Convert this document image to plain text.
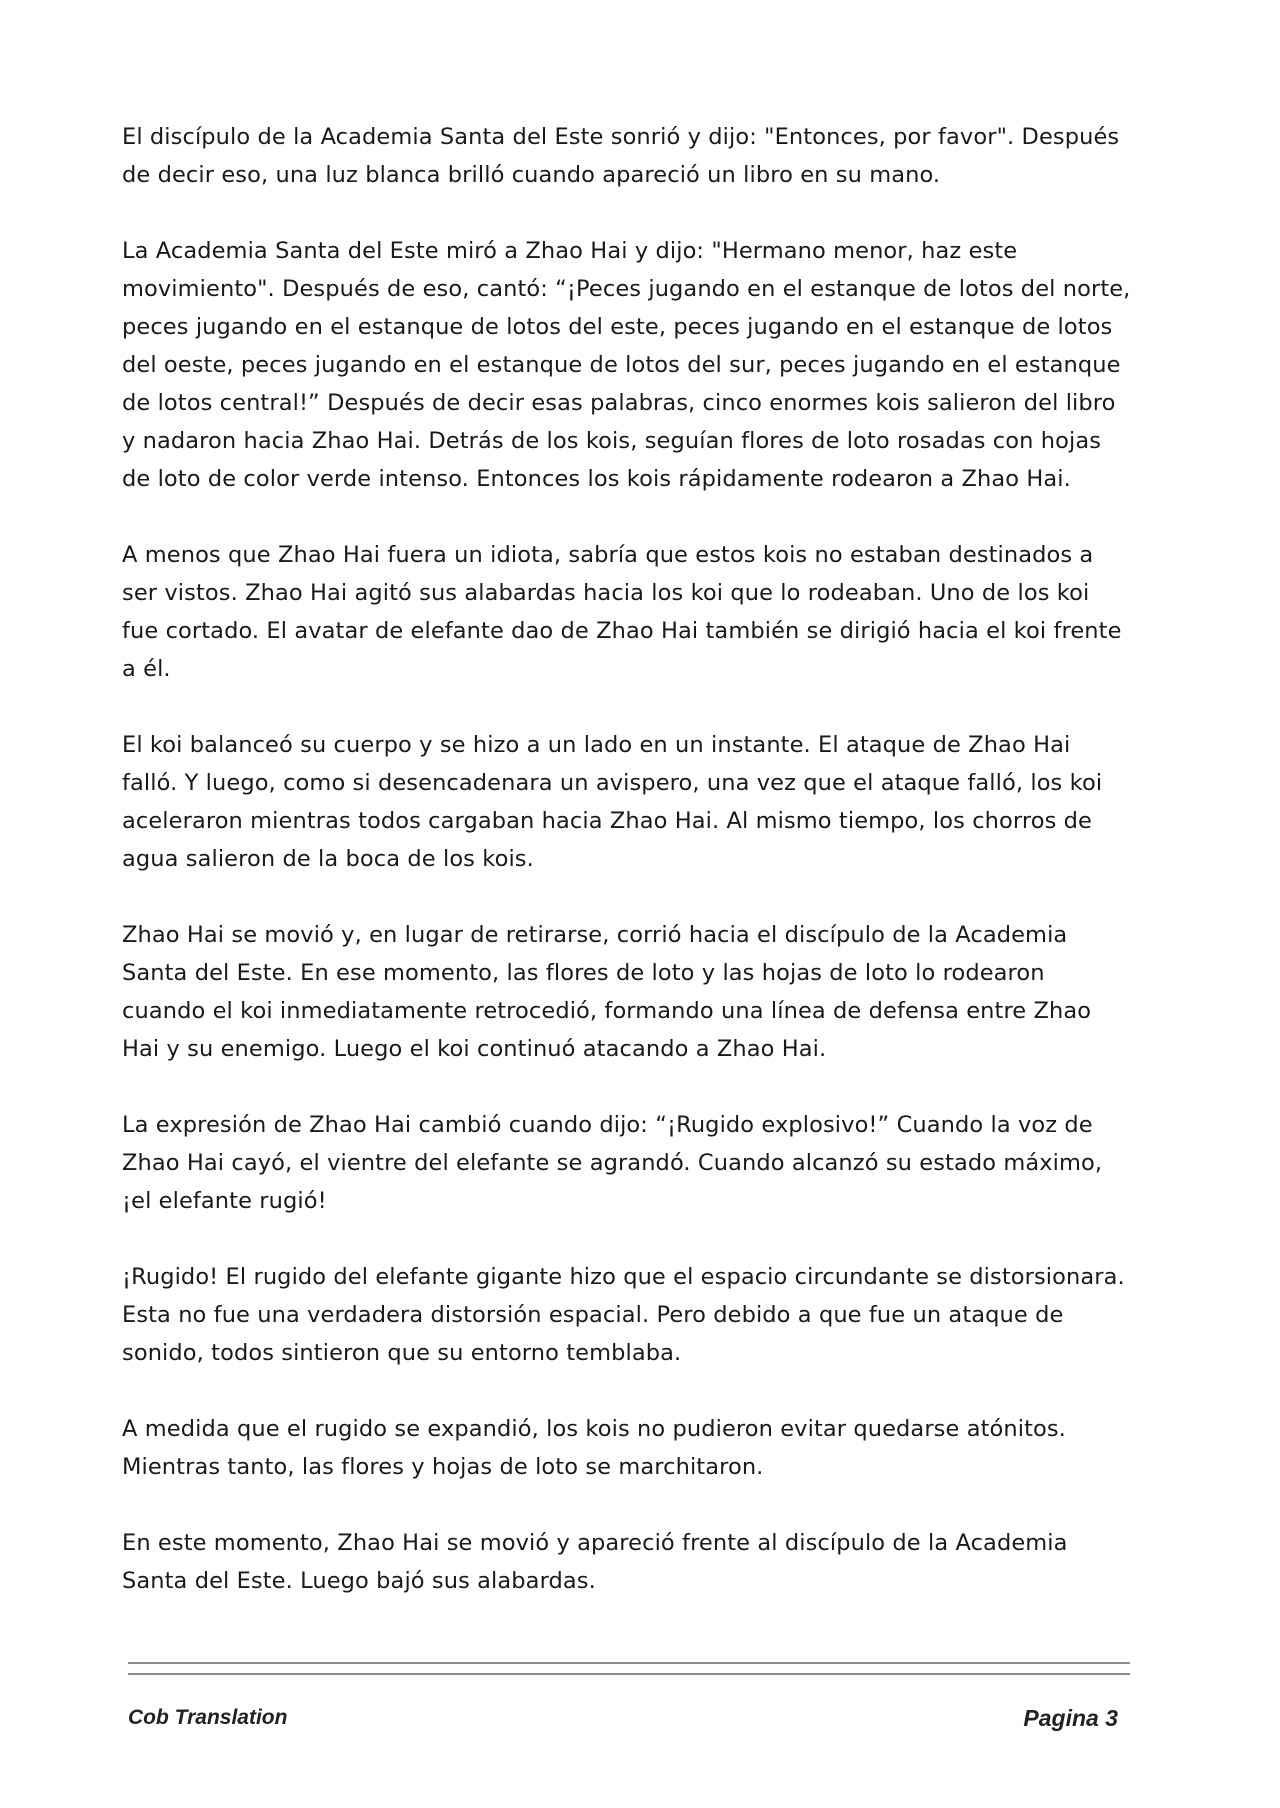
El discípulo de la Academia Santa del Este sonrió y dijo: "Entonces, por favor". Después de decir eso, una luz blanca brilló cuando apareció un libro en su mano.

La Academia Santa del Este miró a Zhao Hai y dijo: "Hermano menor, haz este movimiento". Después de eso, cantó: “¡Peces jugando en el estanque de lotos del norte, peces jugando en el estanque de lotos del este, peces jugando en el estanque de lotos del oeste, peces jugando en el estanque de lotos del sur, peces jugando en el estanque de lotos central!” Después de decir esas palabras, cinco enormes kois salieron del libro y nadaron hacia Zhao Hai. Detrás de los kois, seguían flores de loto rosadas con hojas de loto de color verde intenso. Entonces los kois rápidamente rodearon a Zhao Hai.

A menos que Zhao Hai fuera un idiota, sabría que estos kois no estaban destinados a ser vistos. Zhao Hai agitó sus alabardas hacia los koi que lo rodeaban. Uno de los koi fue cortado. El avatar de elefante dao de Zhao Hai también se dirigió hacia el koi frente a él.

El koi balanceó su cuerpo y se hizo a un lado en un instante. El ataque de Zhao Hai falló. Y luego, como si desencadenara un avispero, una vez que el ataque falló, los koi aceleraron mientras todos cargaban hacia Zhao Hai. Al mismo tiempo, los chorros de agua salieron de la boca de los kois.

Zhao Hai se movió y, en lugar de retirarse, corrió hacia el discípulo de la Academia Santa del Este. En ese momento, las flores de loto y las hojas de loto lo rodearon cuando el koi inmediatamente retrocedió, formando una línea de defensa entre Zhao Hai y su enemigo. Luego el koi continuó atacando a Zhao Hai.

La expresión de Zhao Hai cambió cuando dijo: “¡Rugido explosivo!” Cuando la voz de Zhao Hai cayó, el vientre del elefante se agrandó. Cuando alcanzó su estado máximo, ¡el elefante rugió!

¡Rugido! El rugido del elefante gigante hizo que el espacio circundante se distorsionara. Esta no fue una verdadera distorsión espacial. Pero debido a que fue un ataque de sonido, todos sintieron que su entorno temblaba.

A medida que el rugido se expandió, los kois no pudieron evitar quedarse atónitos. Mientras tanto, las flores y hojas de loto se marchitaron.

En este momento, Zhao Hai se movió y apareció frente al discípulo de la Academia Santa del Este. Luego bajó sus alabardas.

Cob Translation	Pagina 3
